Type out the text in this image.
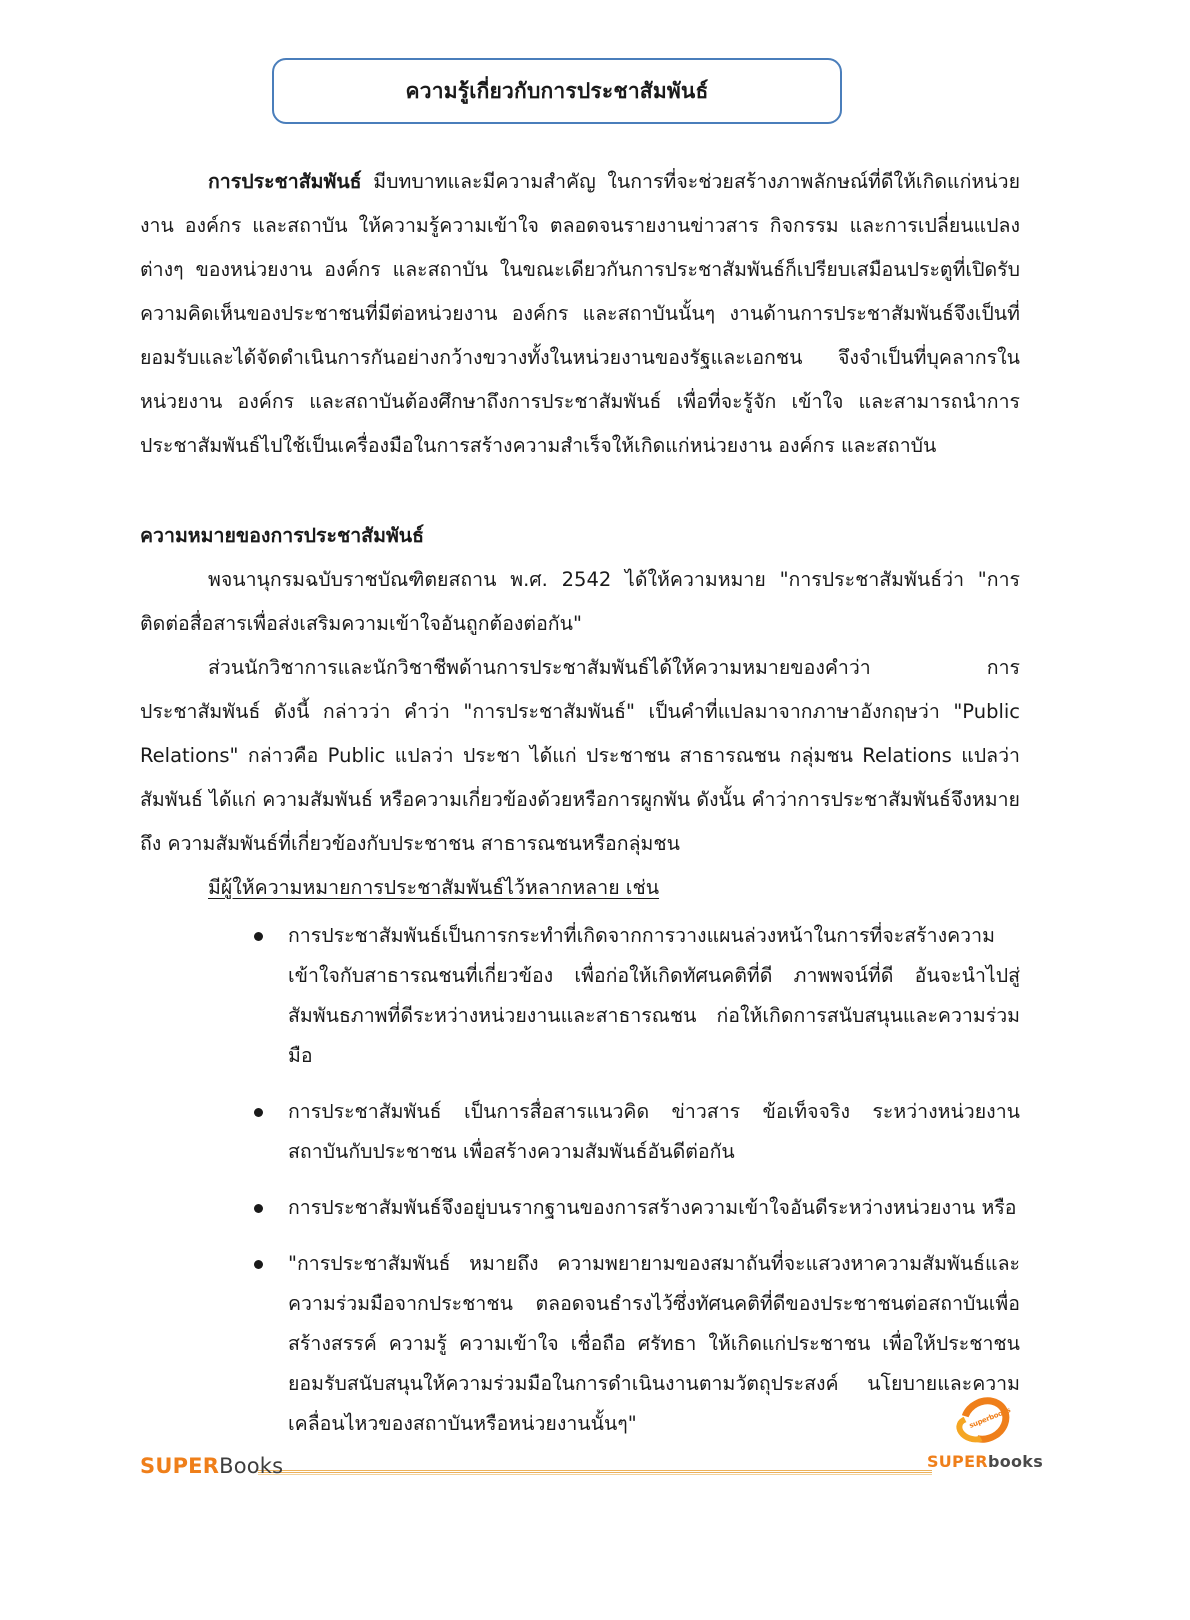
ความรู้เกี่ยวกับการประชาสัมพันธ์

การประชาสัมพันธ์ มีบทบาทและมีความสำคัญ ในการที่จะช่วยสร้างภาพลักษณ์ที่ดีให้เกิดแก่หน่วยงาน องค์กร และสถาบัน ให้ความรู้ความเข้าใจ ตลอดจนรายงานข่าวสาร กิจกรรม และการเปลี่ยนแปลงต่างๆ ของหน่วยงาน องค์กร และสถาบัน ในขณะเดียวกันการประชาสัมพันธ์ก็เปรียบเสมือนประตูที่เปิดรับความคิดเห็นของประชาชนที่มีต่อหน่วยงาน องค์กร และสถาบันนั้นๆ งานด้านการประชาสัมพันธ์จึงเป็นที่ยอมรับและได้จัดดำเนินการกันอย่างกว้างขวางทั้งในหน่วยงานของรัฐและเอกชน จึงจำเป็นที่บุคลากรในหน่วยงาน องค์กร และสถาบันต้องศึกษาถึงการประชาสัมพันธ์ เพื่อที่จะรู้จัก เข้าใจ และสามารถนำการประชาสัมพันธ์ไปใช้เป็นเครื่องมือในการสร้างความสำเร็จให้เกิดแก่หน่วยงาน องค์กร และสถาบัน

ความหมายของการประชาสัมพันธ์

พจนานุกรมฉบับราชบัณฑิตยสถาน พ.ศ. 2542 ได้ให้ความหมาย "การประชาสัมพันธ์ว่า "การติดต่อสื่อสารเพื่อส่งเสริมความเข้าใจอันถูกต้องต่อกัน"

ส่วนนักวิชาการและนักวิชาชีพด้านการประชาสัมพันธ์ได้ให้ความหมายของคำว่า การประชาสัมพันธ์ ดังนี้ กล่าวว่า คำว่า "การประชาสัมพันธ์" เป็นคำที่แปลมาจากภาษาอังกฤษว่า "Public Relations" กล่าวคือ Public แปลว่า ประชา ได้แก่ ประชาชน สาธารณชน กลุ่มชน Relations แปลว่า สัมพันธ์ ได้แก่ ความสัมพันธ์ หรือความเกี่ยวข้องด้วยหรือการผูกพัน ดังนั้น คำว่าการประชาสัมพันธ์จึงหมายถึง ความสัมพันธ์ที่เกี่ยวข้องกับประชาชน สาธารณชนหรือกลุ่มชน

มีผู้ให้ความหมายการประชาสัมพันธ์ไว้หลากหลาย เช่น

การประชาสัมพันธ์เป็นการกระทำที่เกิดจากการวางแผนล่วงหน้าในการที่จะสร้างความเข้าใจกับสาธารณชนที่เกี่ยวข้อง เพื่อก่อให้เกิดทัศนคติที่ดี ภาพพจน์ที่ดี อันจะนำไปสู่สัมพันธภาพที่ดีระหว่างหน่วยงานและสาธารณชน ก่อให้เกิดการสนับสนุนและความร่วมมือ
การประชาสัมพันธ์ เป็นการสื่อสารแนวคิด ข่าวสาร ข้อเท็จจริง ระหว่างหน่วยงาน สถาบันกับประชาชน เพื่อสร้างความสัมพันธ์อันดีต่อกัน
การประชาสัมพันธ์จึงอยู่บนรากฐานของการสร้างความเข้าใจอันดีระหว่างหน่วยงาน หรือ
"การประชาสัมพันธ์ หมายถึง ความพยายามของสมาถันที่จะแสวงหาความสัมพันธ์และความร่วมมือจากประชาชน ตลอดจนธำรงไว้ซึ่งทัศนคติที่ดีของประชาชนต่อสถาบันเพื่อสร้างสรรค์ ความรู้ ความเข้าใจ เชื่อถือ ศรัทธา ให้เกิดแก่ประชาชน เพื่อให้ประชาชนยอมรับสนับสนุนให้ความร่วมมือในการดำเนินงานตามวัตถุประสงค์ นโยบายและความเคลื่อนไหวของสถาบันหรือหน่วยงานนั้นๆ"
SUPERBooks
superbooks
SUPERbooks
